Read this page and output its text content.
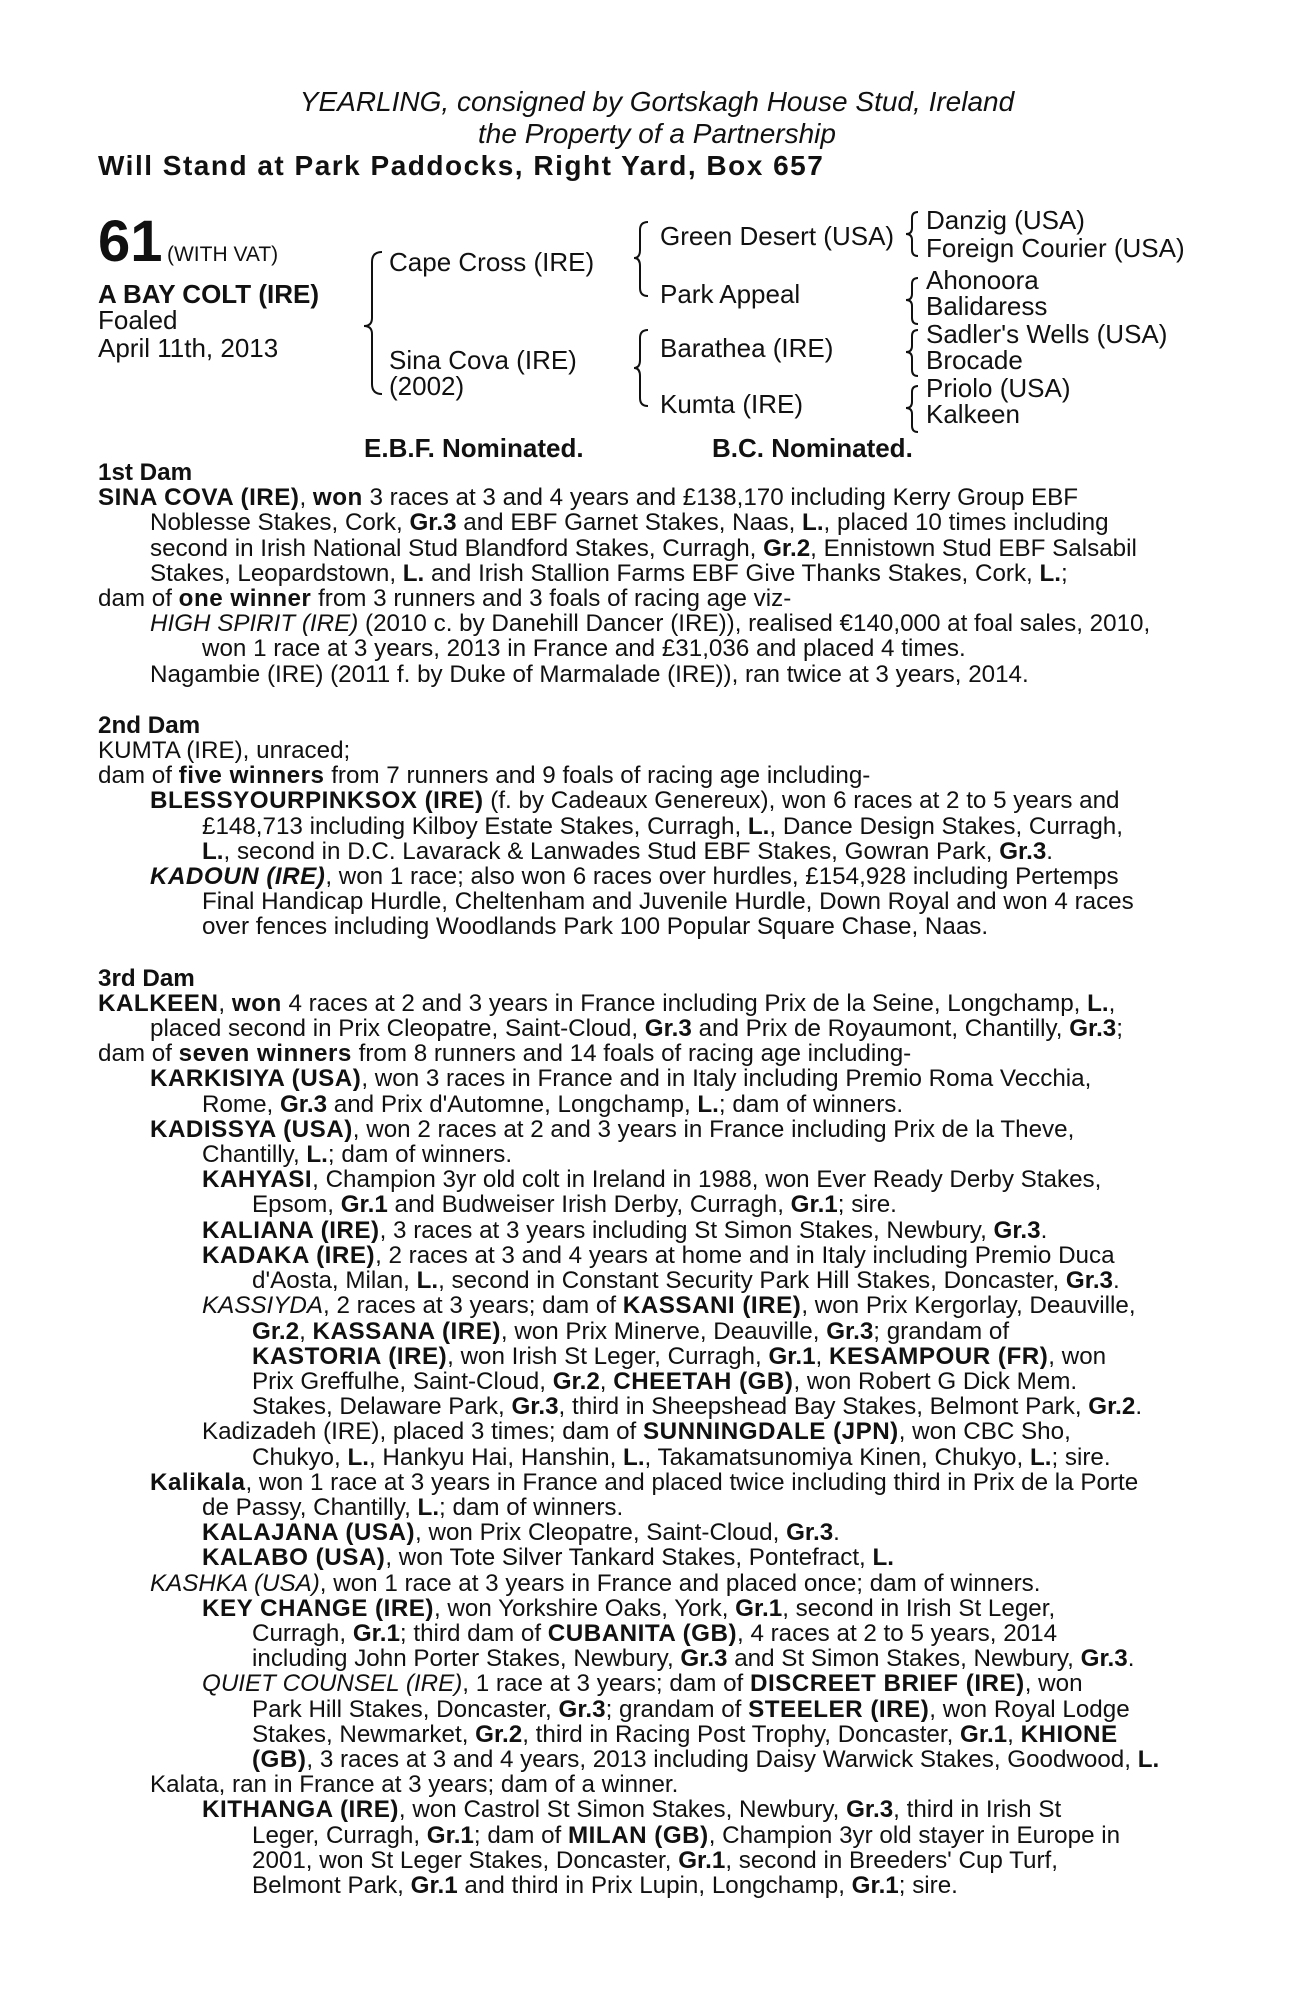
YEARLING, consigned by Gortskagh House Stud, Ireland
the Property of a Partnership
Will Stand at Park Paddocks, Right Yard, Box 657
61 (WITH VAT)
A BAY COLT (IRE)
Foaled
April 11th, 2013
Cape Cross (IRE)
Sina Cova (IRE)
(2002)
Green Desert (USA)
Park Appeal
Barathea (IRE)
Kumta (IRE)
Danzig (USA)
Foreign Courier (USA)
Ahonoora
Balidaress
Sadler's Wells (USA)
Brocade
Priolo (USA)
Kalkeen
E.B.F. Nominated.	B.C. Nominated.
1st Dam

SINA COVA (IRE), won 3 races at 3 and 4 years and £138,170 including Kerry Group EBF

Noblesse Stakes, Cork, Gr.3 and EBF Garnet Stakes, Naas, L., placed 10 times including

second in Irish National Stud Blandford Stakes, Curragh, Gr.2, Ennistown Stud EBF Salsabil

Stakes, Leopardstown, L. and Irish Stallion Farms EBF Give Thanks Stakes, Cork, L.;

dam of one winner from 3 runners and 3 foals of racing age viz-

HIGH SPIRIT (IRE) (2010 c. by Danehill Dancer (IRE)), realised €140,000 at foal sales, 2010,

won 1 race at 3 years, 2013 in France and £31,036 and placed 4 times.

Nagambie (IRE) (2011 f. by Duke of Marmalade (IRE)), ran twice at 3 years, 2014.

2nd Dam

KUMTA (IRE), unraced;

dam of five winners from 7 runners and 9 foals of racing age including-

BLESSYOURPINKSOX (IRE) (f. by Cadeaux Genereux), won 6 races at 2 to 5 years and

£148,713 including Kilboy Estate Stakes, Curragh, L., Dance Design Stakes, Curragh,

L., second in D.C. Lavarack & Lanwades Stud EBF Stakes, Gowran Park, Gr.3.

KADOUN (IRE), won 1 race; also won 6 races over hurdles, £154,928 including Pertemps

Final Handicap Hurdle, Cheltenham and Juvenile Hurdle, Down Royal and won 4 races

over fences including Woodlands Park 100 Popular Square Chase, Naas.

3rd Dam

KALKEEN, won 4 races at 2 and 3 years in France including Prix de la Seine, Longchamp, L.,

placed second in Prix Cleopatre, Saint-Cloud, Gr.3 and Prix de Royaumont, Chantilly, Gr.3;

dam of seven winners from 8 runners and 14 foals of racing age including-

KARKISIYA (USA), won 3 races in France and in Italy including Premio Roma Vecchia,

Rome, Gr.3 and Prix d'Automne, Longchamp, L.; dam of winners.

KADISSYA (USA), won 2 races at 2 and 3 years in France including Prix de la Theve,

Chantilly, L.; dam of winners.

KAHYASI, Champion 3yr old colt in Ireland in 1988, won Ever Ready Derby Stakes,

Epsom, Gr.1 and Budweiser Irish Derby, Curragh, Gr.1; sire.

KALIANA (IRE), 3 races at 3 years including St Simon Stakes, Newbury, Gr.3.

KADAKA (IRE), 2 races at 3 and 4 years at home and in Italy including Premio Duca

d'Aosta, Milan, L., second in Constant Security Park Hill Stakes, Doncaster, Gr.3.

KASSIYDA, 2 races at 3 years; dam of KASSANI (IRE), won Prix Kergorlay, Deauville,

Gr.2, KASSANA (IRE), won Prix Minerve, Deauville, Gr.3; grandam of

KASTORIA (IRE), won Irish St Leger, Curragh, Gr.1, KESAMPOUR (FR), won

Prix Greffulhe, Saint-Cloud, Gr.2, CHEETAH (GB), won Robert G Dick Mem.

Stakes, Delaware Park, Gr.3, third in Sheepshead Bay Stakes, Belmont Park, Gr.2.

Kadizadeh (IRE), placed 3 times; dam of SUNNINGDALE (JPN), won CBC Sho,

Chukyo, L., Hankyu Hai, Hanshin, L., Takamatsunomiya Kinen, Chukyo, L.; sire.

Kalikala, won 1 race at 3 years in France and placed twice including third in Prix de la Porte

de Passy, Chantilly, L.; dam of winners.

KALAJANA (USA), won Prix Cleopatre, Saint-Cloud, Gr.3.

KALABO (USA), won Tote Silver Tankard Stakes, Pontefract, L.

KASHKA (USA), won 1 race at 3 years in France and placed once; dam of winners.

KEY CHANGE (IRE), won Yorkshire Oaks, York, Gr.1, second in Irish St Leger,

Curragh, Gr.1; third dam of CUBANITA (GB), 4 races at 2 to 5 years, 2014

including John Porter Stakes, Newbury, Gr.3 and St Simon Stakes, Newbury, Gr.3.

QUIET COUNSEL (IRE), 1 race at 3 years; dam of DISCREET BRIEF (IRE), won

Park Hill Stakes, Doncaster, Gr.3; grandam of STEELER (IRE), won Royal Lodge

Stakes, Newmarket, Gr.2, third in Racing Post Trophy, Doncaster, Gr.1, KHIONE

(GB), 3 races at 3 and 4 years, 2013 including Daisy Warwick Stakes, Goodwood, L.

Kalata, ran in France at 3 years; dam of a winner.

KITHANGA (IRE), won Castrol St Simon Stakes, Newbury, Gr.3, third in Irish St

Leger, Curragh, Gr.1; dam of MILAN (GB), Champion 3yr old stayer in Europe in

2001, won St Leger Stakes, Doncaster, Gr.1, second in Breeders' Cup Turf,

Belmont Park, Gr.1 and third in Prix Lupin, Longchamp, Gr.1; sire.
